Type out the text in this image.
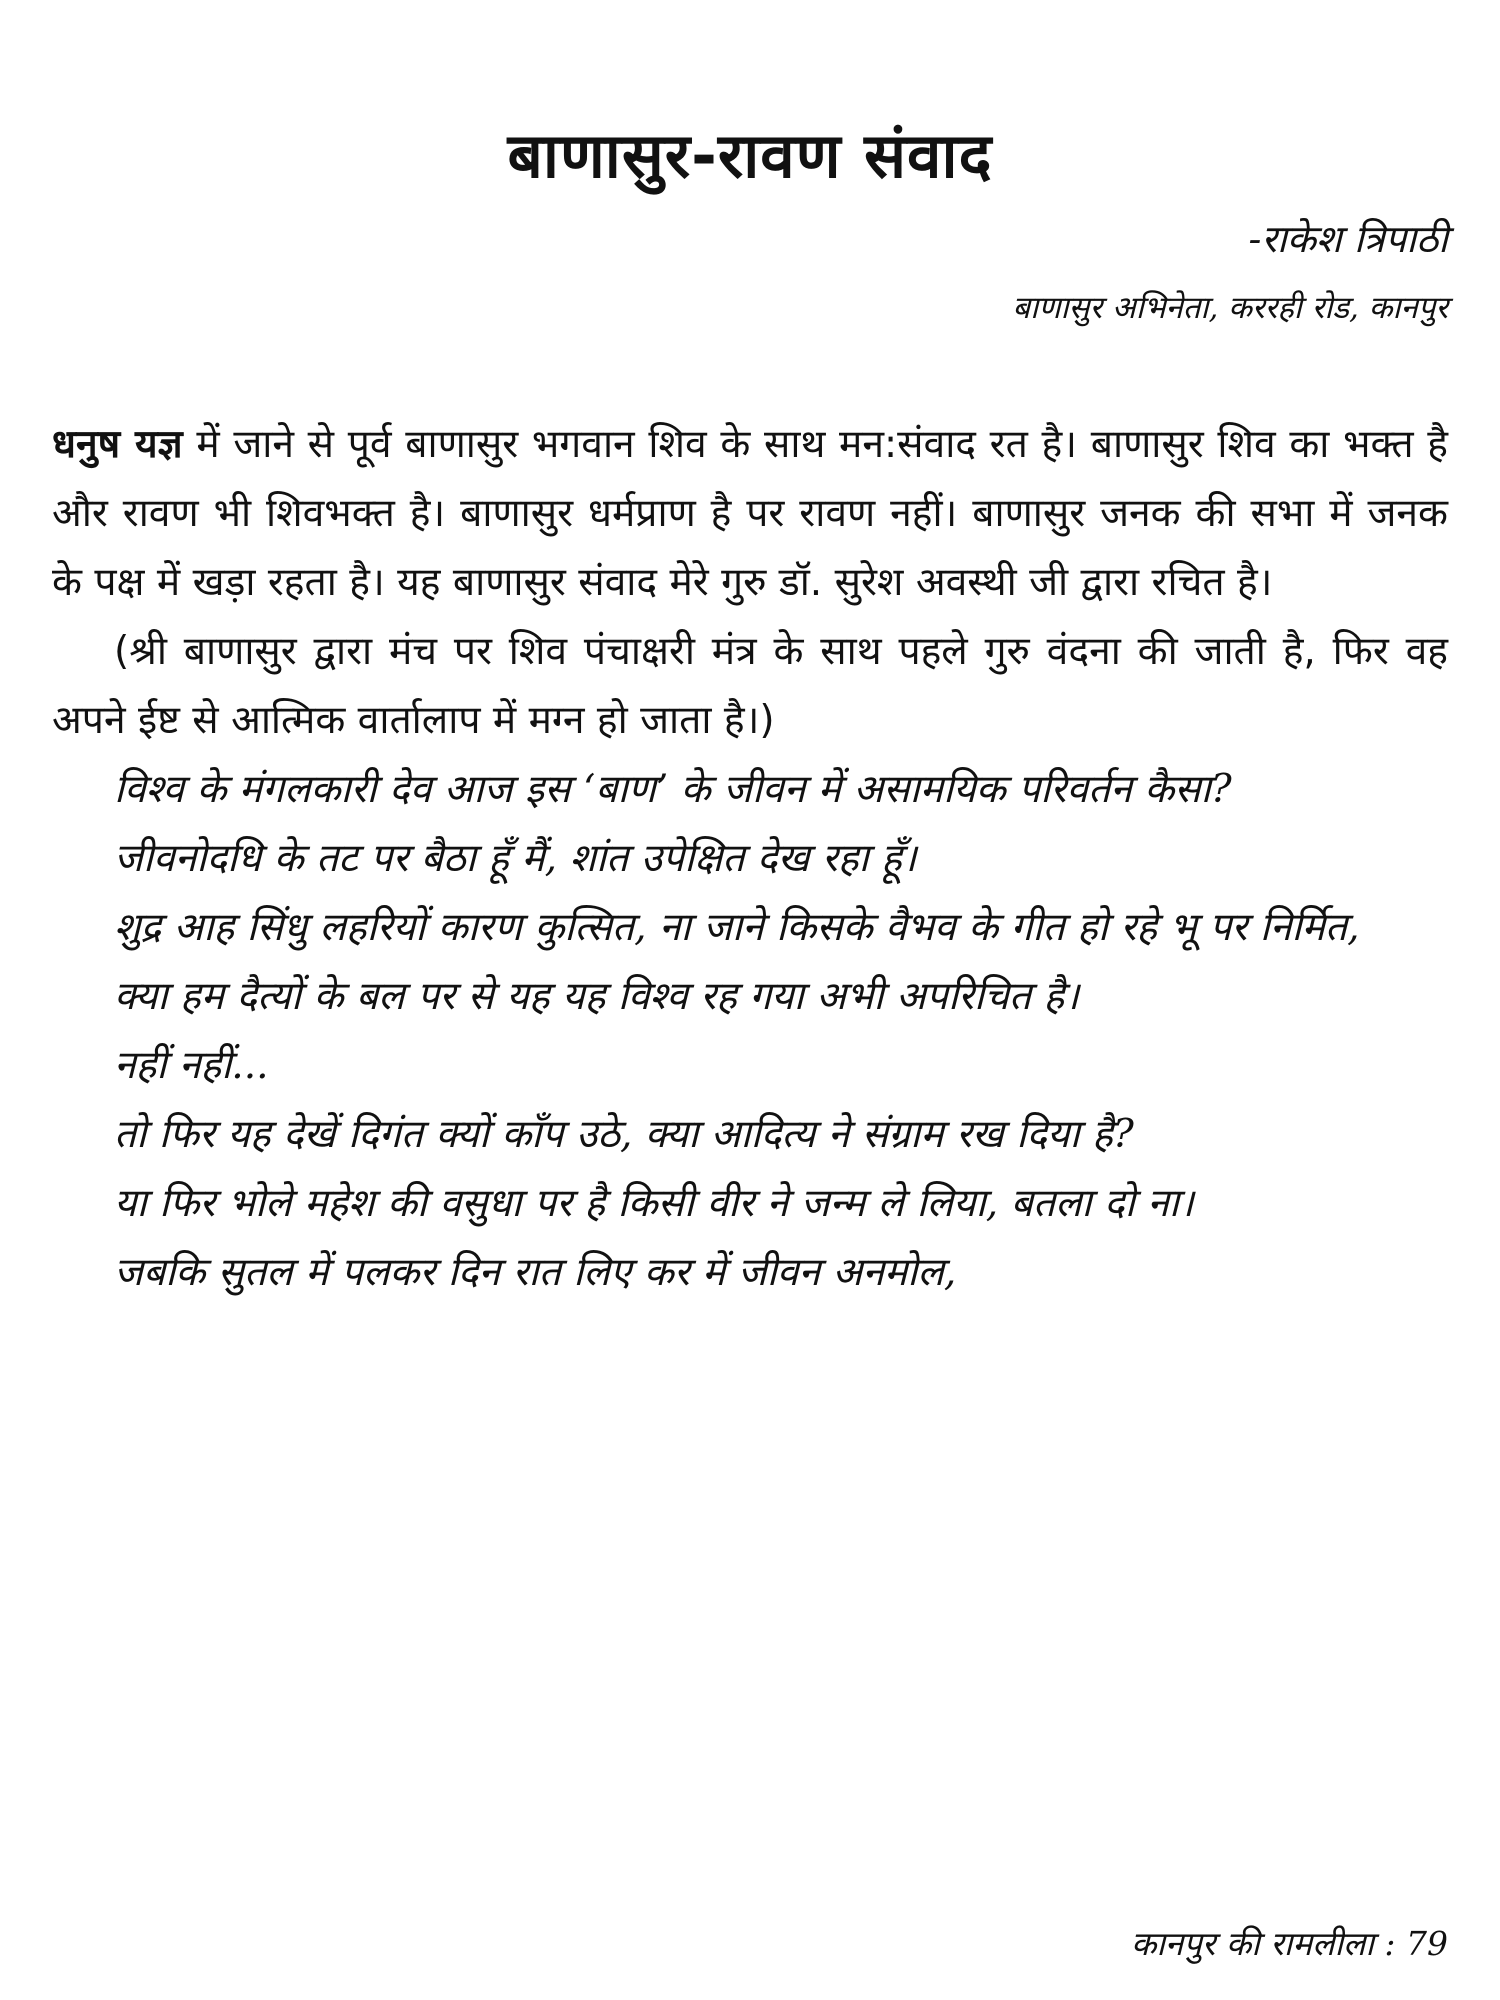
बाणासुर-रावण संवाद

-राकेश त्रिपाठी

बाणासुर अभिनेता, कररही रोड, कानपुर

धनुष यज्ञ में जाने से पूर्व बाणासुर भगवान शिव के साथ मन:संवाद रत है। बाणासुर शिव का भक्त है और रावण भी शिवभक्त है। बाणासुर धर्मप्राण है पर रावण नहीं। बाणासुर जनक की सभा में जनक के पक्ष में खड़ा रहता है। यह बाणासुर संवाद मेरे गुरु डॉ. सुरेश अवस्थी जी द्वारा रचित है।

(श्री बाणासुर द्वारा मंच पर शिव पंचाक्षरी मंत्र के साथ पहले गुरु वंदना की जाती है, फिर वह अपने ईष्ट से आत्मिक वार्तालाप में मग्न हो जाता है।)

विश्व के मंगलकारी देव आज इस ‘बाण’ के जीवन में असामयिक परिवर्तन कैसा?

जीवनोदधि के तट पर बैठा हूँ मैं, शांत उपेक्षित देख रहा हूँ।

शुद्र आह सिंधु लहरियों कारण कुत्सित, ना जाने किसके वैभव के गीत हो रहे भू पर निर्मित,

क्या हम दैत्यों के बल पर से यह यह विश्व रह गया अभी अपरिचित है।

नहीं नहीं...

तो फिर यह देखें दिगंत क्यों काँप उठे, क्या आदित्य ने संग्राम रख दिया है?

या फिर भोले महेश की वसुधा पर है किसी वीर ने जन्म ले लिया, बतला दो ना।

जबकि सुतल में पलकर दिन रात लिए कर में जीवन अनमोल,

कानपुर की रामलीला : 79
